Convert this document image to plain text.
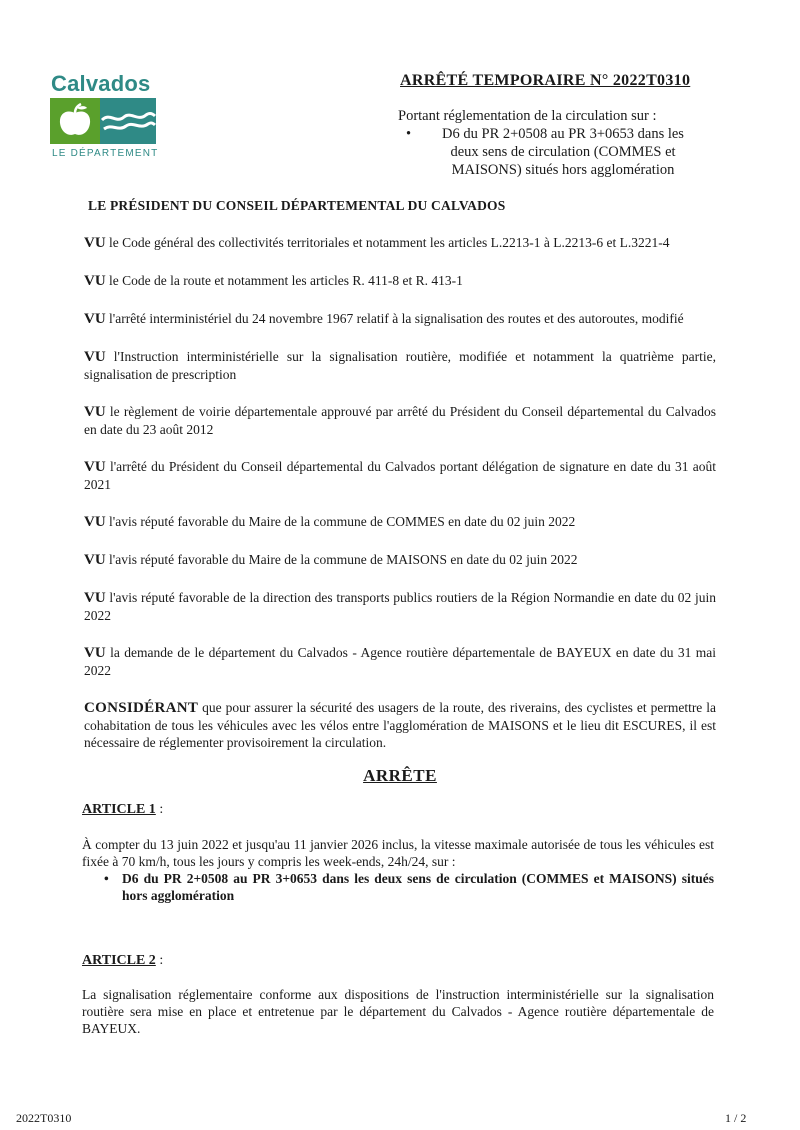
Calvados
LE DÉPARTEMENT
ARRÊTÉ TEMPORAIRE N° 2022T0310
Portant réglementation de la circulation sur :
•	D6 du PR 2+0508 au PR 3+0653 dans les deux sens de circulation (COMMES et MAISONS) situés hors agglomération
LE PRÉSIDENT DU CONSEIL DÉPARTEMENTAL DU CALVADOS

VU le Code général des collectivités territoriales et notamment les articles L.2213-1 à L.2213-6 et L.3221-4

VU le Code de la route et notamment les articles R. 411-8 et R. 413-1

VU l'arrêté interministériel du 24 novembre 1967 relatif à la signalisation des routes et des autoroutes, modifié

VU l'Instruction interministérielle sur la signalisation routière, modifiée et notamment la quatrième partie, signalisation de prescription

VU le règlement de voirie départementale approuvé par arrêté du Président du Conseil départemental du Calvados en date du 23 août 2012

VU l'arrêté du Président du Conseil départemental du Calvados portant délégation de signature en date du 31 août 2021

VU l'avis réputé favorable du Maire de la commune de COMMES en date du 02 juin 2022

VU l'avis réputé favorable du Maire de la commune de MAISONS en date du 02 juin 2022

VU l'avis réputé favorable de la direction des transports publics routiers de la Région Normandie en date du 02 juin 2022

VU la demande de le département du Calvados - Agence routière départementale de BAYEUX en date du 31 mai 2022

CONSIDÉRANT que pour assurer la sécurité des usagers de la route, des riverains, des cyclistes et permettre la cohabitation de tous les véhicules avec les vélos entre l'agglomération de MAISONS et le lieu dit ESCURES, il est nécessaire de réglementer provisoirement la circulation.

ARRÊTE
ARTICLE 1 :
À compter du 13 juin 2022 et jusqu'au 11 janvier 2026 inclus, la vitesse maximale autorisée de tous les véhicules est fixée à 70 km/h, tous les jours y compris les week-ends, 24h/24, sur :
• D6 du PR 2+0508 au PR 3+0653 dans les deux sens de circulation (COMMES et MAISONS) situés hors agglomération
ARTICLE 2 :
La signalisation réglementaire conforme aux dispositions de l'instruction interministérielle sur la signalisation routière sera mise en place et entretenue par le département du Calvados - Agence routière départementale de BAYEUX.
2022T0310	1 / 2
